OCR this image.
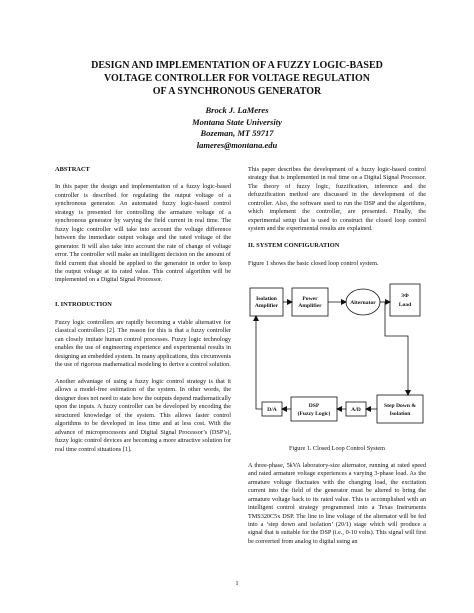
DESIGN AND IMPLEMENTATION OF A FUZZY LOGIC-BASED
VOLTAGE CONTROLLER FOR VOLTAGE REGULATION
OF A SYNCHRONOUS GENERATOR
Brock J. LaMeres
Montana State University
Bozeman, MT 59717
lameres@montana.edu
ABSTRACT

In this paper the design and implementation of a fuzzy logic-based controller is described for regulating the output voltage of a synchronous generator. An automated fuzzy logic-based control strategy is presented for controlling the armature voltage of a synchronous generator by varying the field current in real time. The fuzzy logic controller will take into account the voltage difference between the immediate output voltage and the rated voltage of the generator. It will also take into account the rate of change of voltage error. The controller will make an intelligent decision on the amount of field current that should be applied to the generator in order to keep the output voltage at its rated value. This control algorithm will be implemented on a Digital Signal Processor.

I. INTRODUCTION

Fuzzy logic controllers are rapidly becoming a viable alternative for classical controllers [2]. The reason for this is that a fuzzy controller can closely imitate human control processes. Fuzzy logic technology enables the use of engineering experience and experimental results in designing an embedded system. In many applications, this circumvents the use of rigorous mathematical modeling to derive a control solution.

Another advantage of using a fuzzy logic control strategy is that it allows a model-free estimation of the system. In other words, the designer does not need to state how the outputs depend mathematically upon the inputs. A fuzzy controller can be developed by encoding the structured knowledge of the system. This allows faster control algorithms to be developed in less time and at less cost. With the advance of microprocessors and Digital Signal Processor’s (DSP’s), fuzzy logic control devices are becoming a more attractive solution for real time control situations [1].

This paper describes the development of a fuzzy logic-based control strategy that is implemented in real time on a Digital Signal Processor. The theory of fuzzy logic, fuzzification, inference and the defuzzification method are discussed in the development of the controller. Also, the software used to run the DSP and the algorithms, which implement the controller, are presented. Finally, the experimental setup that is used to construct the closed loop control system and the experimental results are explained.

II. SYSTEM CONFIGURATION

Figure 1 shows the basic closed loop control system.

Isolation
Amplifier
Power
Amplifier	Alternator
3Φ
Load
D/A
DSP
(Fuzzy Logic)
A/D
Step Down &
Isolation
Figure 1. Closed Loop Control System

A three-phase, 5kVA laboratory-size alternator, running at rated speed and rated armature voltage experiences a varying 3-phase load. As the armature voltage fluctuates with the changing load, the excitation current into the field of the generator must be altered to bring the armature voltage back to its rated value. This is accomplished with an intelligent control strategy programmed into a Texas Instruments TMS320C5x DSP. The line to line voltage of the alternator will be fed into a ‘step down and isolation’ (20/1) stage which will produce a signal that is suitable for the DSP (i.e., 0-10 volts). This signal will first be converted from analog to digital using an

1
